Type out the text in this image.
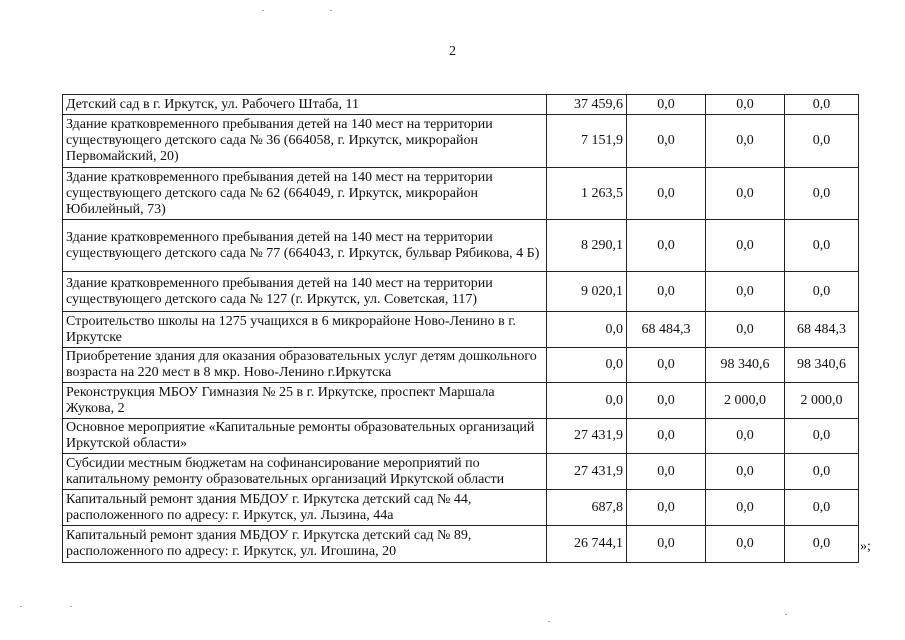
2
Детский сад в г. Иркутск, ул. Рабочего Штаба, 11	37 459,6	0,0	0,0	0,0
Здание кратковременного пребывания детей на 140 мест на территории существующего детского сада № 36 (664058, г. Иркутск, микрорайон Первомайский, 20)	7 151,9	0,0	0,0	0,0
Здание кратковременного пребывания детей на 140 мест на территории существующего детского сада № 62 (664049, г. Иркутск, микрорайон Юбилейный, 73)	1 263,5	0,0	0,0	0,0
Здание кратковременного пребывания детей на 140 мест на территории существующего детского сада № 77 (664043, г. Иркутск, бульвар Рябикова, 4 Б)	8 290,1	0,0	0,0	0,0
Здание кратковременного пребывания детей на 140 мест на территории существующего детского сада № 127 (г. Иркутск, ул. Советская, 117)	9 020,1	0,0	0,0	0,0
Строительство школы на 1275 учащихся в 6 микрорайоне Ново-Ленино в г. Иркутске	0,0	68 484,3	0,0	68 484,3
Приобретение здания для оказания образовательных услуг детям дошкольного возраста на 220 мест в 8 мкр. Ново-Ленино г.Иркутска	0,0	0,0	98 340,6	98 340,6
Реконструкция МБОУ Гимназия № 25 в г. Иркутске, проспект Маршала Жукова, 2	0,0	0,0	2 000,0	2 000,0
Основное мероприятие «Капитальные ремонты образовательных организаций Иркутской области»	27 431,9	0,0	0,0	0,0
Субсидии местным бюджетам на софинансирование мероприятий по капитальному ремонту образовательных организаций Иркутской области	27 431,9	0,0	0,0	0,0
Капитальный ремонт здания МБДОУ г. Иркутска детский сад № 44, расположенного по адресу: г. Иркутск, ул. Лызина, 44а	687,8	0,0	0,0	0,0
Капитальный ремонт здания МБДОУ г. Иркутска детский сад № 89, расположенного по адресу: г. Иркутск, ул. Игошина, 20	26 744,1	0,0	0,0	0,0 »;
